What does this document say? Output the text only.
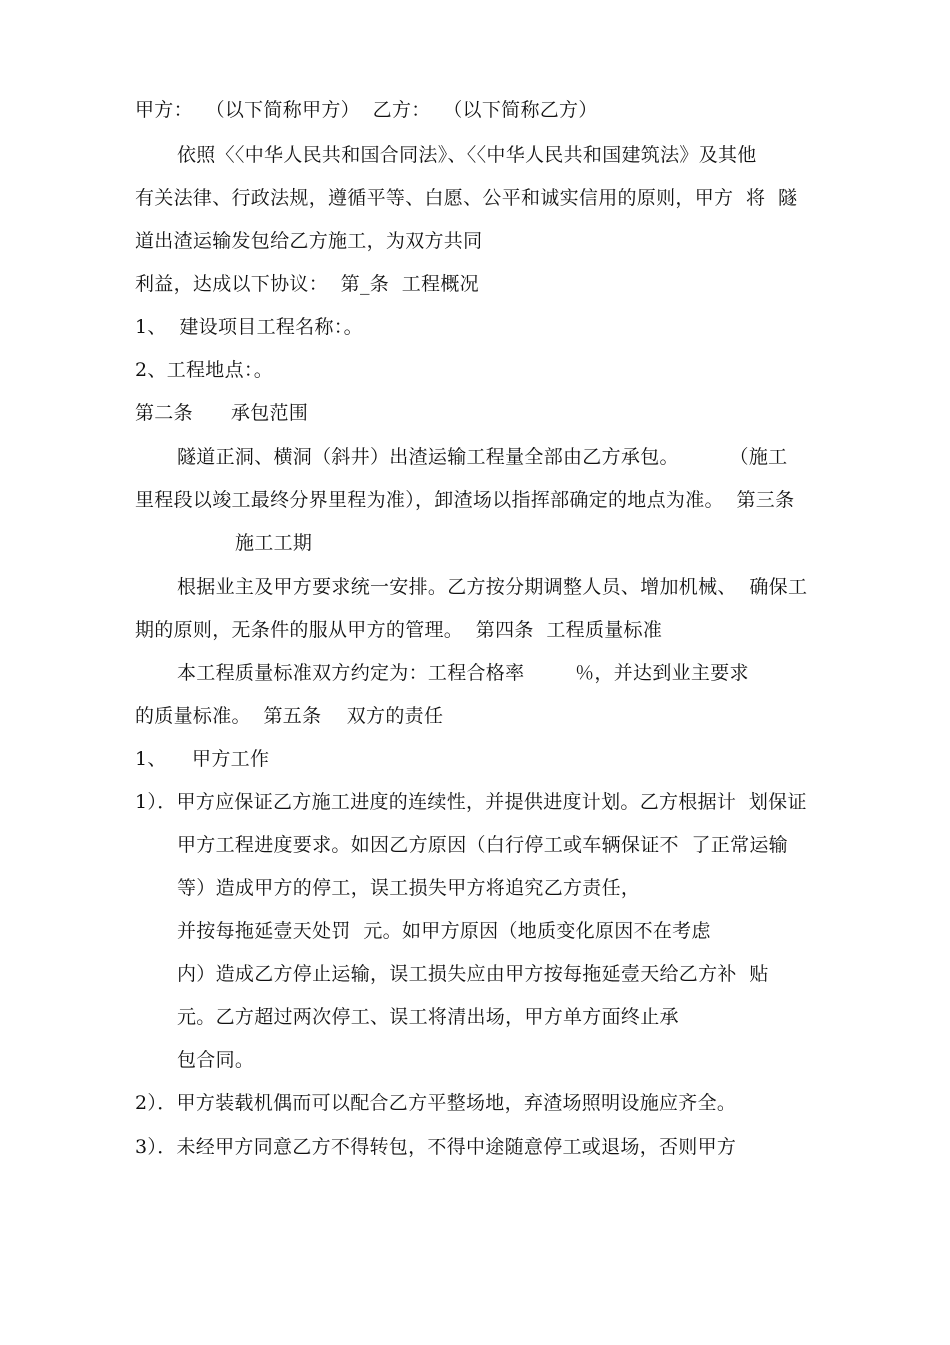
甲方：  （以下简称甲方）  乙方：  （以下简称乙方）
依照〈〈中华人民共和国合同法》、〈〈中华人民共和国建筑法》及其他
有关法律、行政法规，遵循平等、白愿、公平和诚实信用的原则，甲方  将  隧
道出渣运输发包给乙方施工，为双方共同
利益，达成以下协议：  第_条  工程概况
1、  建设项目工程名称：。
2、工程地点：。
第二条      承包范围
隧道正洞、横洞（斜井）出渣运输工程量全部由乙方承包。        （施工
里程段以竣工最终分界里程为准），卸渣场以指挥部确定的地点为准。  第三条
施工工期
根据业主及甲方要求统一安排。乙方按分期调整人员、增加机械、  确保工
期的原则，无条件的服从甲方的管理。  第四条  工程质量标准
本工程质量标准双方约定为：工程合格率        ％，并达到业主要求
的质量标准。  第五条    双方的责任
1、    甲方工作
1）．甲方应保证乙方施工进度的连续性，并提供进度计划。乙方根据计  划保证
甲方工程进度要求。如因乙方原因（白行停工或车辆保证不  了正常运输
等）造成甲方的停工，误工损失甲方将追究乙方责任，
并按每拖延壹天处罚  元。如甲方原因（地质变化原因不在考虑
内）造成乙方停止运输，误工损失应由甲方按每拖延壹天给乙方补  贴
元。乙方超过两次停工、误工将清出场，甲方单方面终止承
包合同。
2）．甲方装载机偶而可以配合乙方平整场地，弃渣场照明设施应齐全。
3）．未经甲方同意乙方不得转包，不得中途随意停工或退场，否则甲方
